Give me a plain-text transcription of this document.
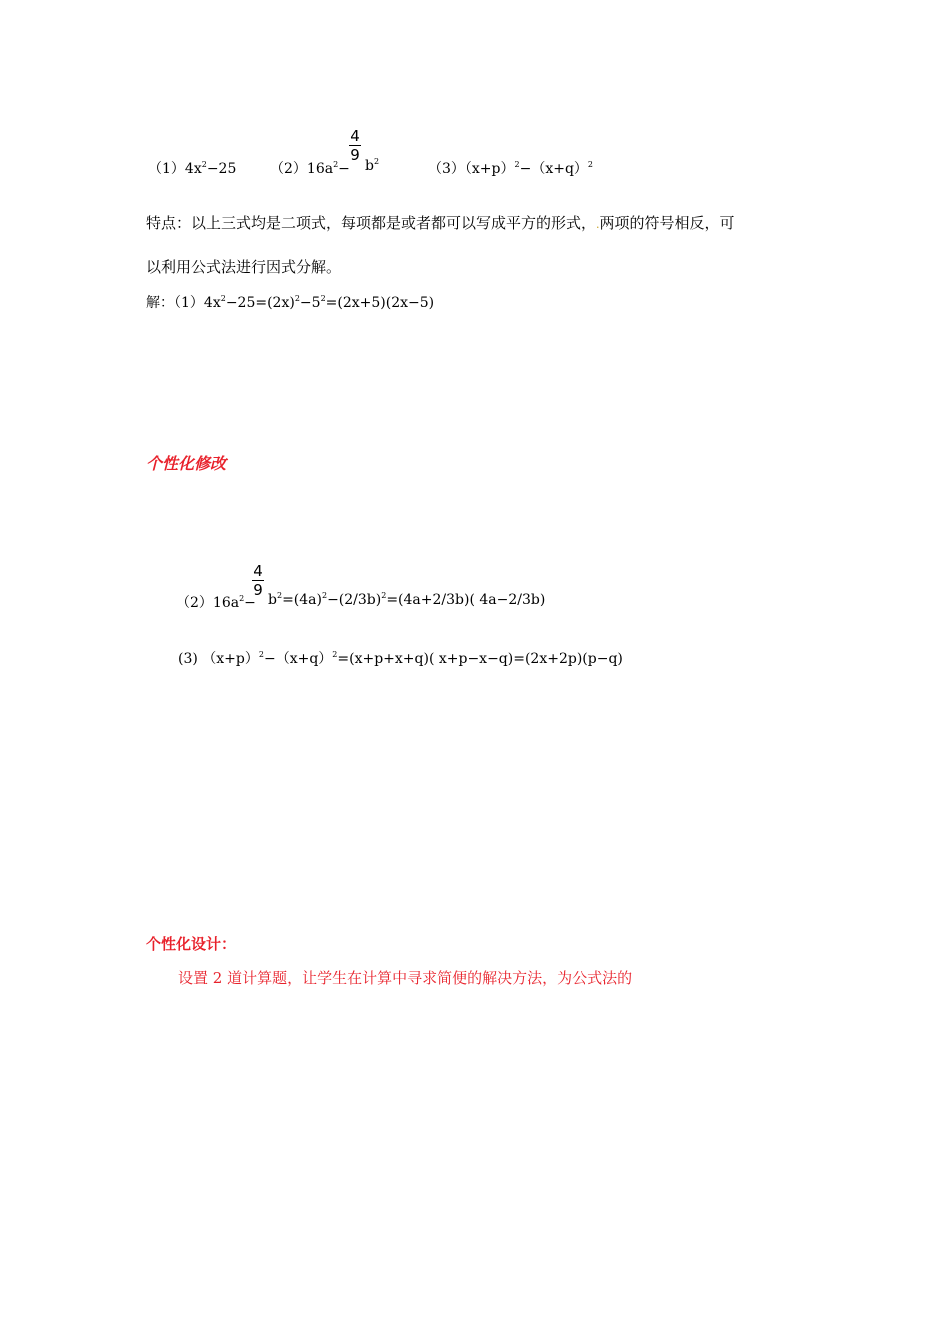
$(1)4x^2-25$ $(2)16a^2-$
$\frac{4}{9}$
$b^2$	$(3)(x+p)^2-(x+q)^2$
特点：以上三式均是二项式，每项都是或者都可以写成平方的形式，.两项的符号相反，可
以利用公式法进行因式分解。
解：$(1)4x^2-25=(2x)^2-5^2=(2x+5)(2x-5)$
个性化修改
$(2)16a^2-$
$\frac{4}{9}$
$b^2=(4a)^2-(2/3b)^2=(4a+2/3b)$( 4a−2/3b)
(3) $(x+p)^2-(x+q)^2=(x+p+x+q)$( x+p−x−q)=(2x+2p)(p−q)
个性化设计：
设置 2 道计算题，让学生在计算中寻求简便的解决方法，为公式法的
